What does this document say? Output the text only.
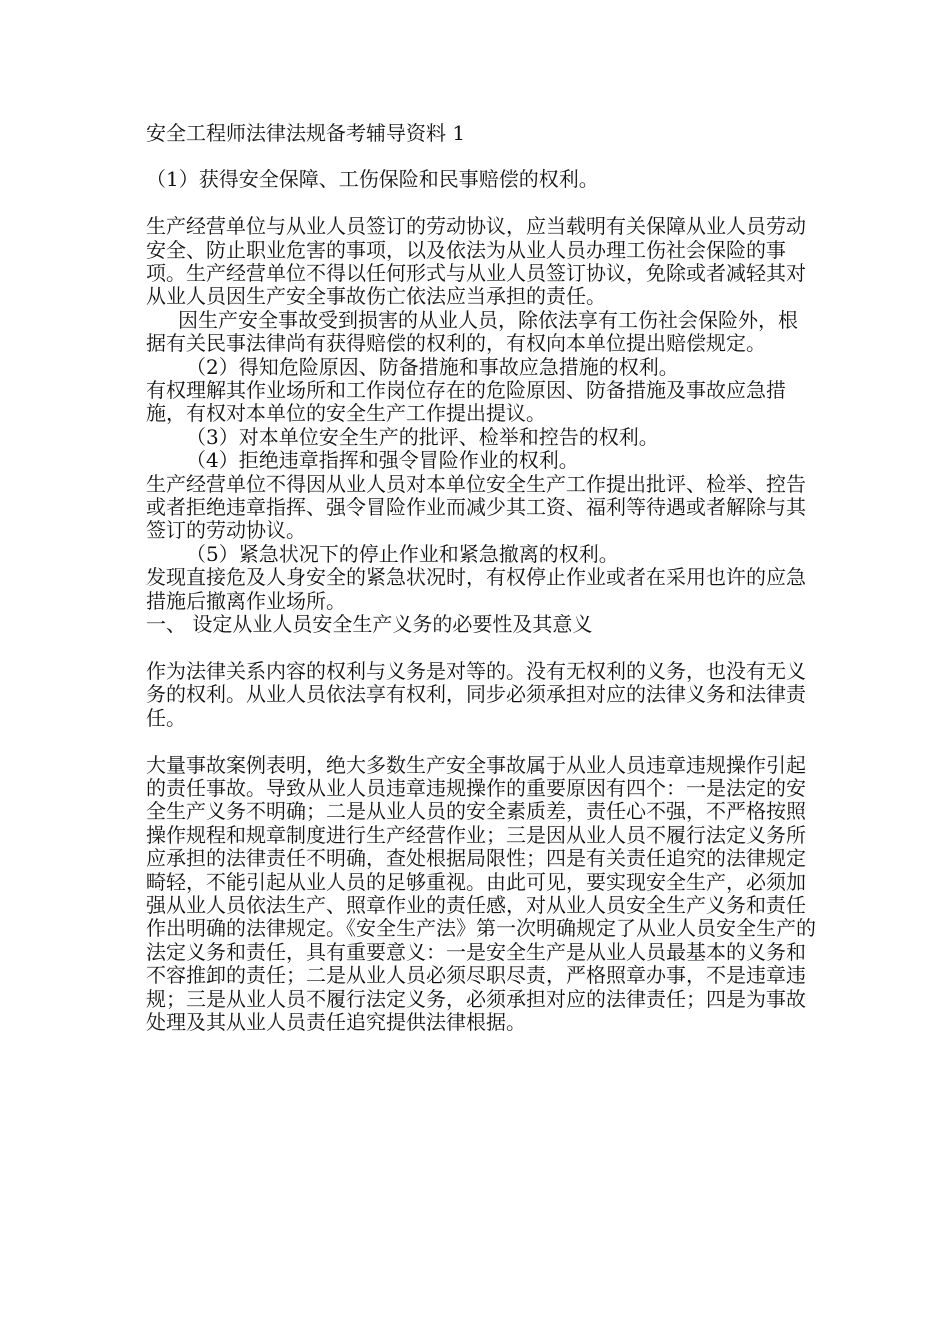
安全工程师法律法规备考辅导资料 1

（1）获得安全保障、工伤保险和民事赔偿的权利。

生产经营单位与从业人员签订的劳动协议，应当载明有关保障从业人员劳动安全、防止职业危害的事项，以及依法为从业人员办理工伤社会保险的事项。生产经营单位不得以任何形式与从业人员签订协议，免除或者减轻其对从业人员因生产安全事故伤亡依法应当承担的责任。

因生产安全事故受到损害的从业人员，除依法享有工伤社会保险外，根据有关民事法律尚有获得赔偿的权利的，有权向本单位提出赔偿规定。

（2）得知危险原因、防备措施和事故应急措施的权利。

有权理解其作业场所和工作岗位存在的危险原因、防备措施及事故应急措施，有权对本单位的安全生产工作提出提议。

（3）对本单位安全生产的批评、检举和控告的权利。

（4）拒绝违章指挥和强令冒险作业的权利。

生产经营单位不得因从业人员对本单位安全生产工作提出批评、检举、控告或者拒绝违章指挥、强令冒险作业而减少其工资、福利等待遇或者解除与其签订的劳动协议。

（5）紧急状况下的停止作业和紧急撤离的权利。

发现直接危及人身安全的紧急状况时，有权停止作业或者在采用也许的应急措施后撤离作业场所。

一、 设定从业人员安全生产义务的必要性及其意义

作为法律关系内容的权利与义务是对等的。没有无权利的义务，也没有无义务的权利。从业人员依法享有权利，同步必须承担对应的法律义务和法律责任。

大量事故案例表明，绝大多数生产安全事故属于从业人员违章违规操作引起的责任事故。导致从业人员违章违规操作的重要原因有四个：一是法定的安全生产义务不明确；二是从业人员的安全素质差，责任心不强，不严格按照操作规程和规章制度进行生产经营作业；三是因从业人员不履行法定义务所应承担的法律责任不明确，查处根据局限性；四是有关责任追究的法律规定畸轻，不能引起从业人员的足够重视。由此可见，要实现安全生产，必须加强从业人员依法生产、照章作业的责任感，对从业人员安全生产义务和责任作出明确的法律规定。《安全生产法》第一次明确规定了从业人员安全生产的法定义务和责任，具有重要意义：一是安全生产是从业人员最基本的义务和不容推卸的责任；二是从业人员必须尽职尽责，严格照章办事，不是违章违规；三是从业人员不履行法定义务，必须承担对应的法律责任；四是为事故处理及其从业人员责任追究提供法律根据。
